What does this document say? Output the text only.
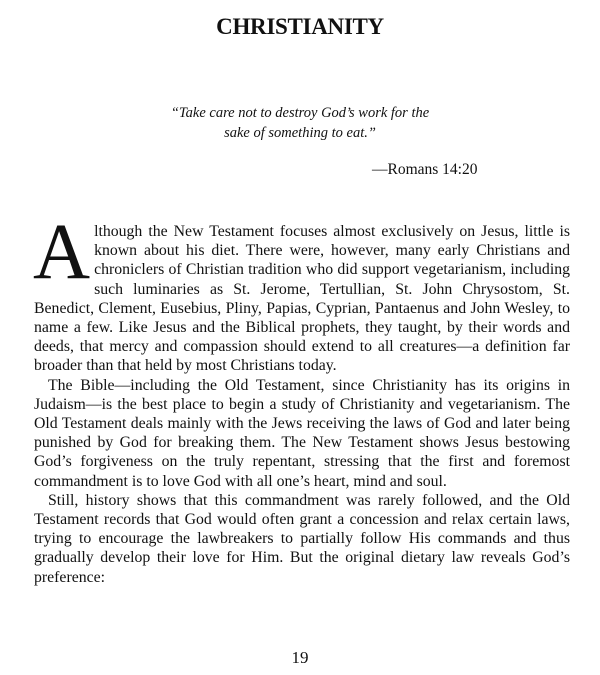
CHRISTIANITY
“Take care not to destroy God’s work for the
sake of something to eat.”
—Romans 14:20

Although the New Testament focuses almost exclusively on Jesus, little is known about his diet. There were, however, many early Christians and chroniclers of Christian tradition who did support vegetarianism, including such luminaries as St. Jerome, Tertullian, St. John Chrysostom, St. Benedict, Clement, Eusebius, Pliny, Papias, Cyprian, Pantaenus and John Wesley, to name a few. Like Jesus and the Biblical prophets, they taught, by their words and deeds, that mercy and compassion should extend to all creatures—a definition far broader than that held by most Christians today.

The Bible—including the Old Testament, since Christianity has its origins in Judaism—is the best place to begin a study of Christianity and vegetarianism. The Old Testament deals mainly with the Jews receiving the laws of God and later being punished by God for breaking them. The New Testament shows Jesus bestowing God’s forgiveness on the truly repentant, stressing that the first and foremost commandment is to love God with all one’s heart, mind and soul.

Still, history shows that this commandment was rarely followed, and the Old Testament records that God would often grant a concession and relax certain laws, trying to encourage the lawbreakers to partially follow His commands and thus gradually develop their love for Him. But the original dietary law reveals God’s preference:

19
